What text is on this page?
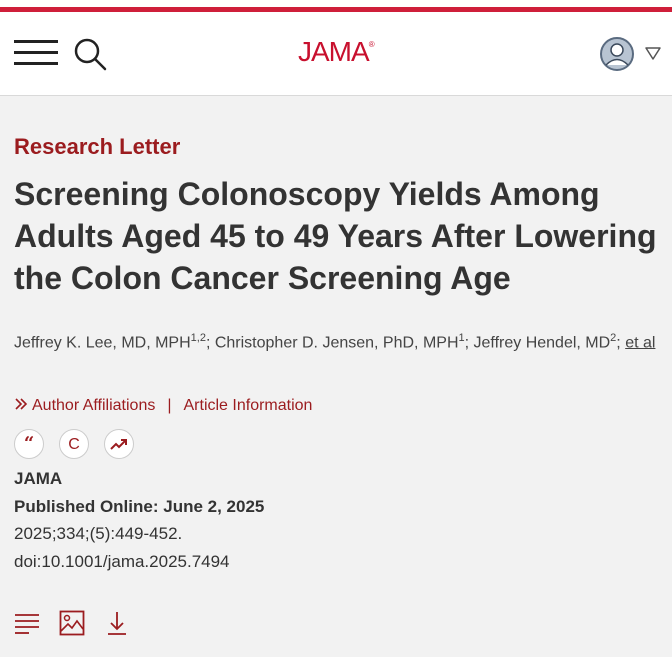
JAMA®
Research Letter
Screening Colonoscopy Yields Among Adults Aged 45 to 49 Years After Lowering the Colon Cancer Screening Age
Jeffrey K. Lee, MD, MPH$^{1,2}$; Christopher D. Jensen, PhD, MPH$^1$; Jeffrey Hendel, $MD^2$; et al
Author Affiliations | Article Information
“	C
JAMA
Published Online: June 2, 2025
2025;334;(5):449-452.
doi:10.1001/jama.2025.7494
